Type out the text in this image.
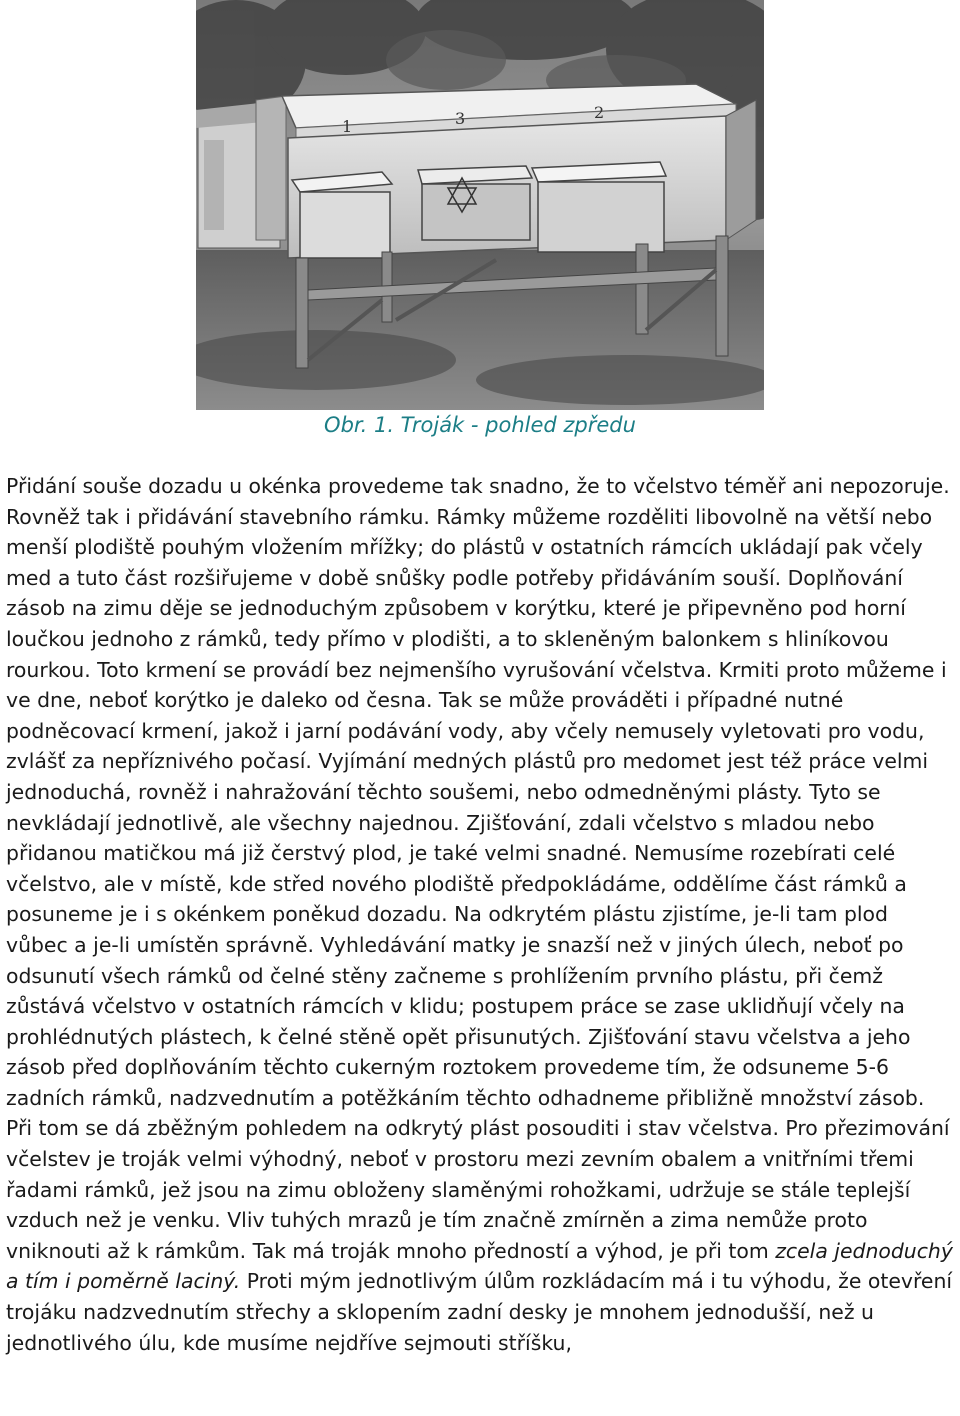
1	3	2
Obr. 1. Troják - pohled zpředu

Přidání souše dozadu u okénka provedeme tak snadno, že to včelstvo téměř ani nepozoruje. Rovněž tak i přidávání stavebního rámku. Rámky můžeme rozděliti libovolně na větší nebo menší plodiště pouhým vložením mřížky; do plástů v ostatních rámcích ukládají pak včely med a tuto část rozšiřujeme v době snůšky podle potřeby přidáváním souší. Doplňování zásob na zimu děje se jednoduchým způsobem v korýtku, které je připevněno pod horní loučkou jednoho z rámků, tedy přímo v plodišti, a to skleněným balonkem s hliníkovou rourkou. Toto krmení se provádí bez nejmenšího vyrušování včelstva. Krmiti proto můžeme i ve dne, neboť korýtko je daleko od česna. Tak se může prováděti i případné nutné podněcovací krmení, jakož i jarní podávání vody, aby včely nemusely vyletovati pro vodu, zvlášť za nepříznivého počasí. Vyjímání medných plástů pro medomet jest též práce velmi jednoduchá, rovněž i nahražování těchto soušemi, nebo odmedněnými plásty. Tyto se nevkládají jednotlivě, ale všechny najednou. Zjišťování, zdali včelstvo s mladou nebo přidanou matičkou má již čerstvý plod, je také velmi snadné. Nemusíme rozebírati celé včelstvo, ale v místě, kde střed nového plodiště předpokládáme, oddělíme část rámků a posuneme je i s okénkem poněkud dozadu. Na odkrytém plástu zjistíme, je-li tam plod vůbec a je-li umístěn správně. Vyhledávání matky je snazší než v jiných úlech, neboť po odsunutí všech rámků od čelné stěny začneme s prohlížením prvního plástu, při čemž zůstává včelstvo v ostatních rámcích v klidu; postupem práce se zase uklidňují včely na prohlédnutých plástech, k čelné stěně opět přisunutých. Zjišťování stavu včelstva a jeho zásob před doplňováním těchto cukerným roztokem provedeme tím, že odsuneme 5-6 zadních rámků, nadzvednutím a potěžkáním těchto odhadneme přibližně množství zásob. Při tom se dá zběžným pohledem na odkrytý plást posouditi i stav včelstva. Pro přezimování včelstev je troják velmi výhodný, neboť v prostoru mezi zevním obalem a vnitřními třemi řadami rámků, jež jsou na zimu obloženy slaměnými rohožkami, udržuje se stále teplejší vzduch než je venku. Vliv tuhých mrazů je tím značně zmírněn a zima nemůže proto vniknouti až k rámkům. Tak má troják mnoho předností a výhod, je při tom zcela jednoduchý a tím i poměrně laciný. Proti mým jednotlivým úlům rozkládacím má i tu výhodu, že otevření trojáku nadzvednutím střechy a sklopením zadní desky je mnohem jednodušší, než u jednotlivého úlu, kde musíme nejdříve sejmouti stříšku,
